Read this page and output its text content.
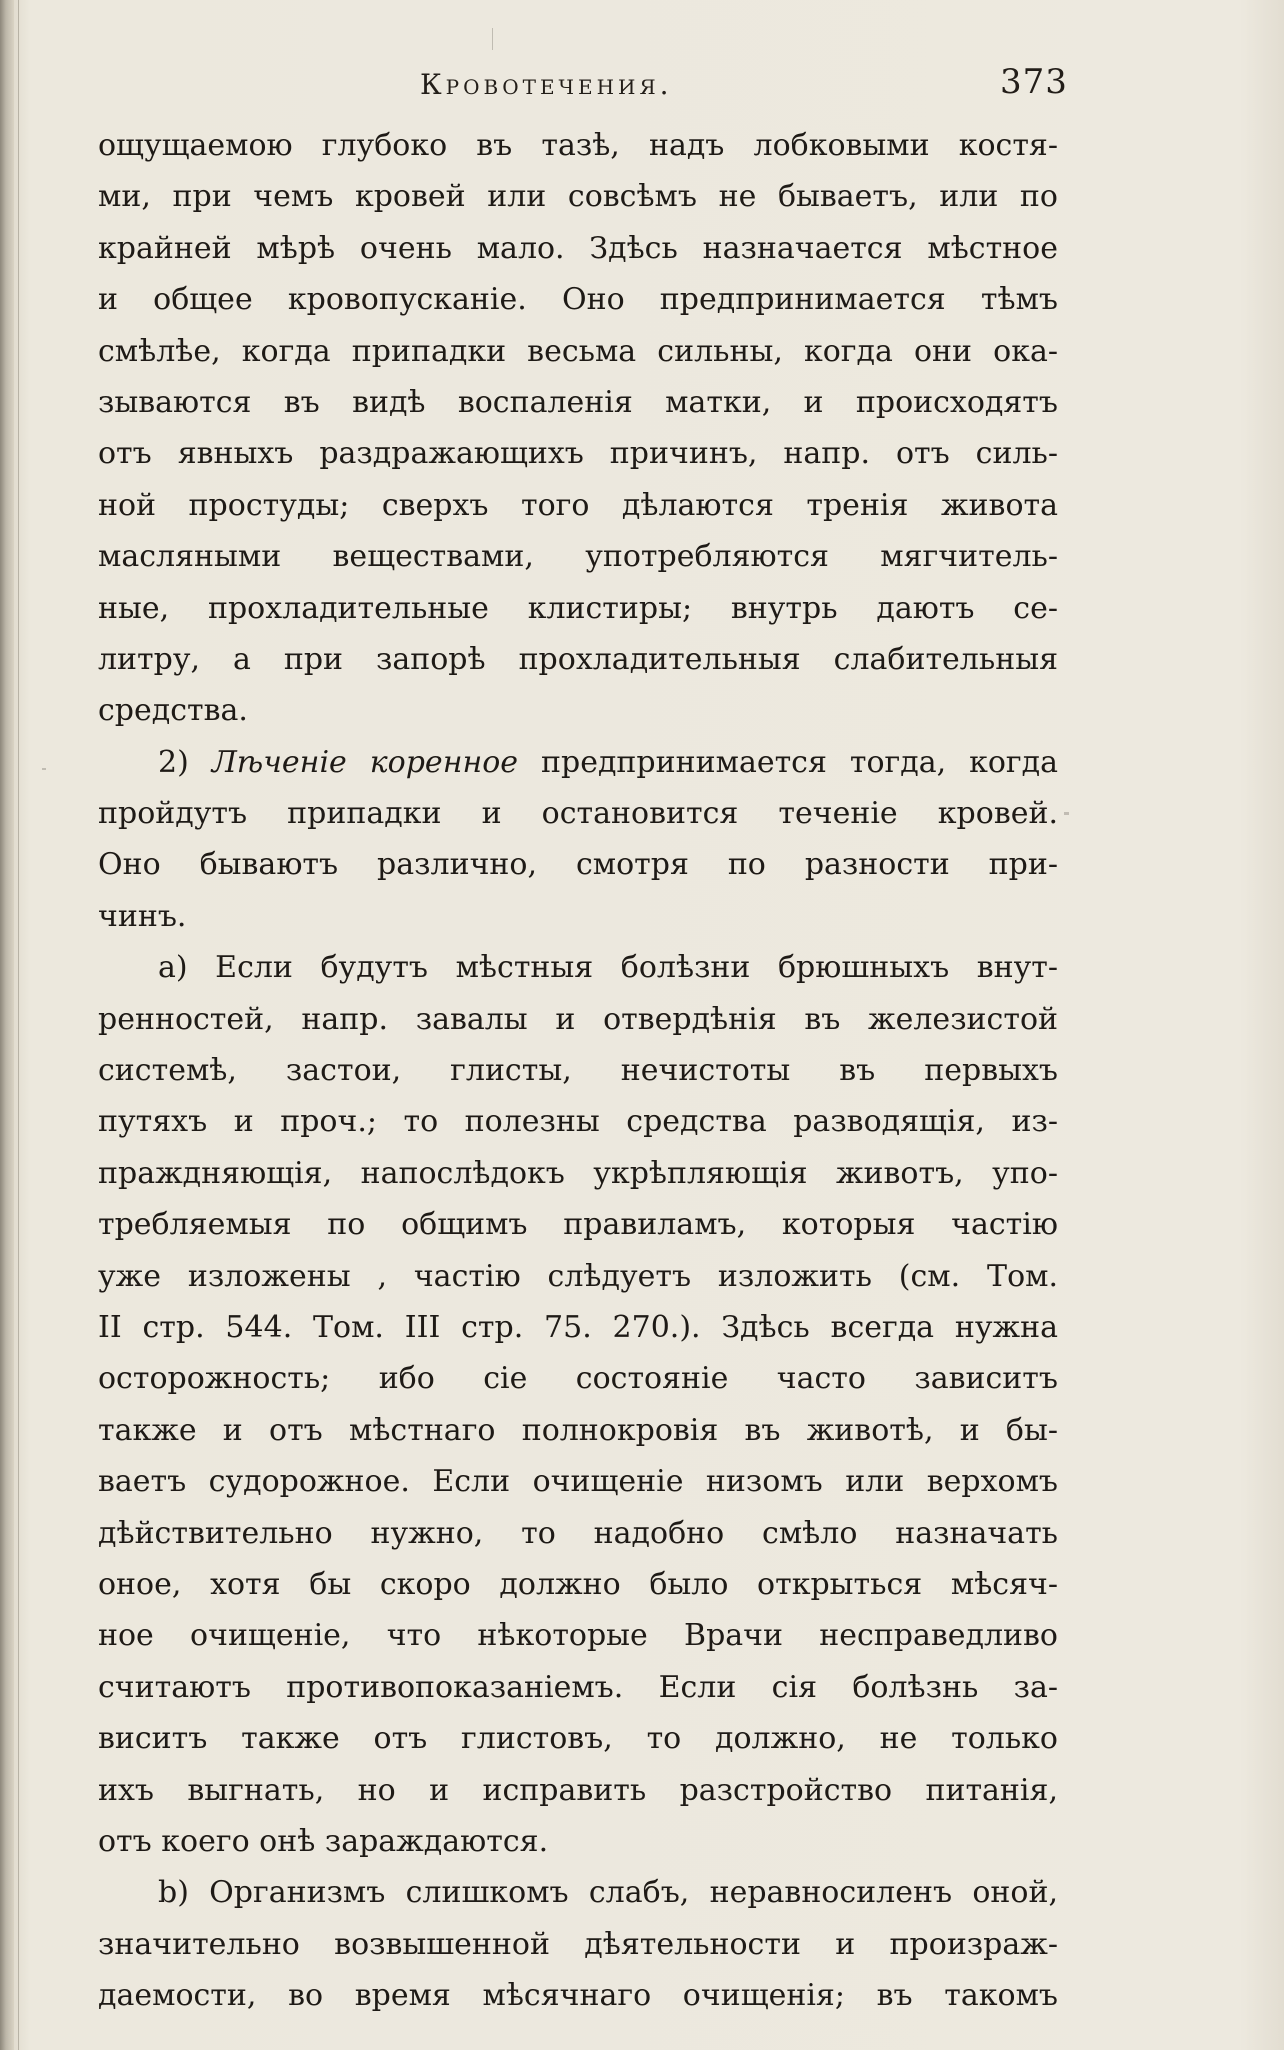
Кровотечения.	373
ощущаемою глубоко въ тазѣ, надъ лобковыми костя-
ми, при чемъ кровей или совсѣмъ не бываетъ, или по
крайней мѣрѣ очень мало. Здѣсь назначается мѣстное
и общее кровопусканіе. Оно предпринимается тѣмъ
смѣлѣе, когда припадки весьма сильны, когда они ока-
зываются въ видѣ воспаленія матки, и происходятъ
отъ явныхъ раздражающихъ причинъ, напр. отъ силь-
ной простуды; сверхъ того дѣлаются тренія живота
масляными веществами, употребляются мягчитель-
ные, прохладительные клистиры; внутрь даютъ се-
литру, а при запорѣ прохладительныя слабительныя
средства.
2) Лѣченіе коренное предпринимается тогда, когда
пройдутъ припадки и остановится теченіе кровей.
Оно бываютъ различно, смотря по разности при-
чинъ.
a) Если будутъ мѣстныя болѣзни брюшныхъ внут-
ренностей, напр. завалы и отвердѣнія въ железистой
системѣ, застои, глисты, нечистоты въ первыхъ
путяхъ и проч.; то полезны средства разводящія, из-
праждняющія, напослѣдокъ укрѣпляющія животъ, упо-
требляемыя по общимъ правиламъ, которыя частію
уже изложены , частію слѣдуетъ изложить (см. Том.
II стр. 544. Том. III стр. 75. 270.). Здѣсь всегда нужна
осторожность; ибо сіе состояніе часто зависитъ
также и отъ мѣстнаго полнокровія въ животѣ, и бы-
ваетъ судорожное. Если очищеніе низомъ или верхомъ
дѣйствительно нужно, то надобно смѣло назначать
оное, хотя бы скоро должно было открыться мѣсяч-
ное очищеніе, что нѣкоторые Врачи несправедливо
считаютъ противопоказаніемъ. Если сія болѣзнь за-
виситъ также отъ глистовъ, то должно, не только
ихъ выгнать, но и исправить разстройство питанія,
отъ коего онѣ зараждаются.
b) Организмъ слишкомъ слабъ, неравносиленъ оной,
значительно возвышенной дѣятельности и произраж-
даемости, во время мѣсячнаго очищенія; въ такомъ
